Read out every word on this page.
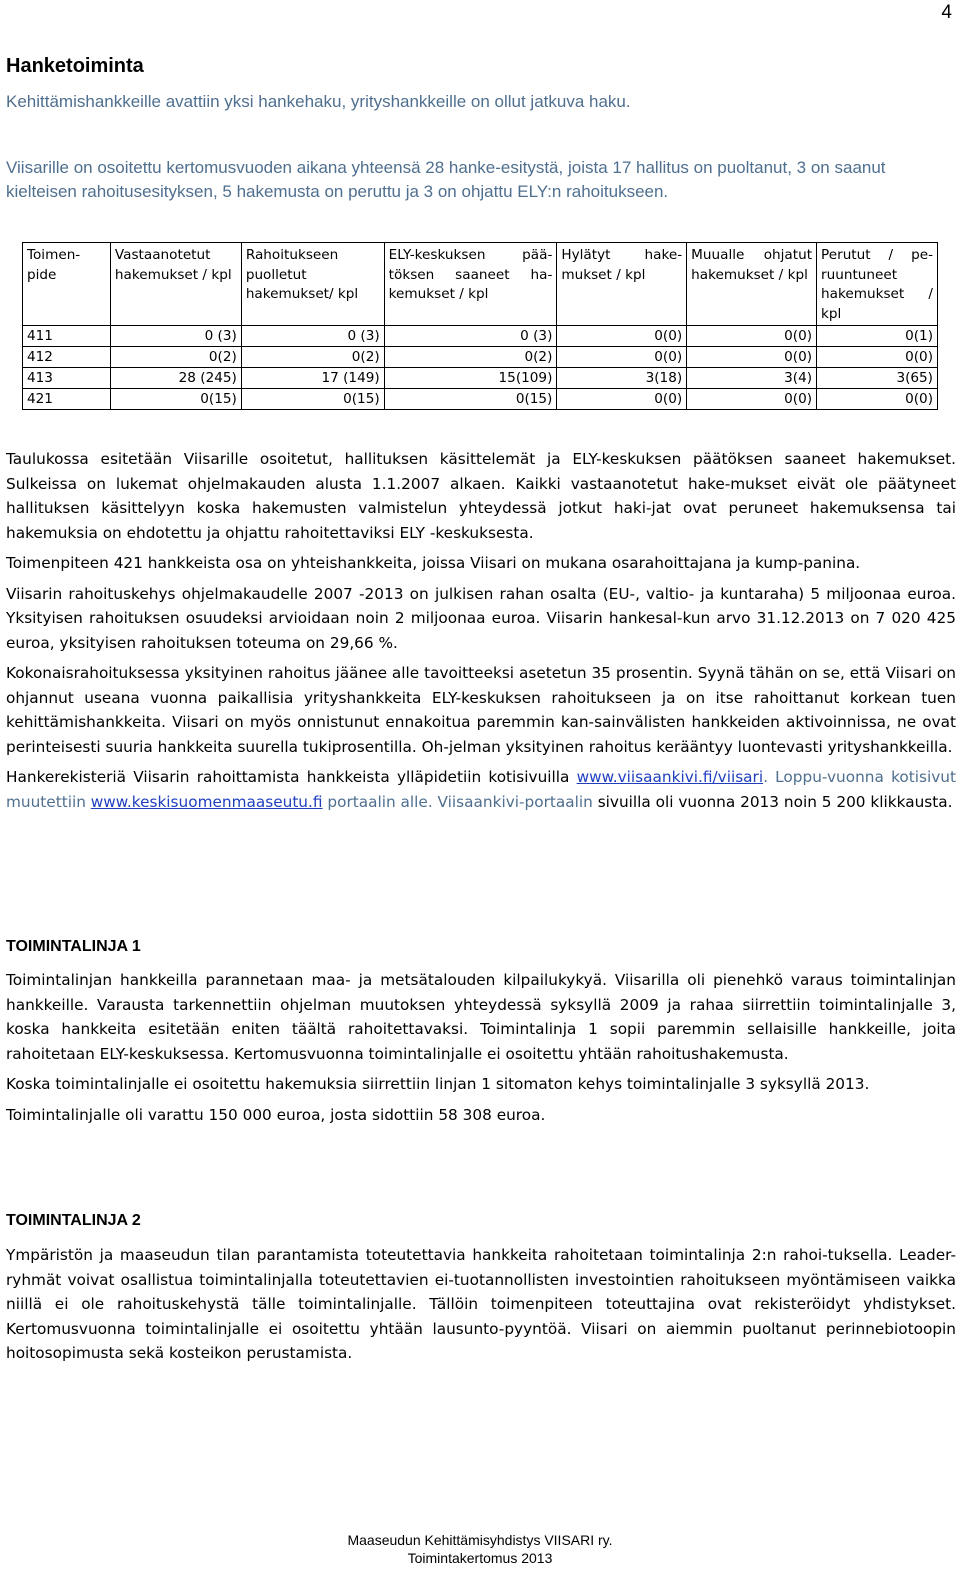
4
Hanketoiminta
Kehittämishankkeille avattiin yksi hankehaku, yrityshankkeille on ollut jatkuva haku.
Viisarille on osoitettu kertomusvuoden aikana yhteensä 28 hanke-esitystä, joista 17 hallitus on puoltanut, 3 on saanut kielteisen rahoitusesityksen, 5 hakemusta on peruttu ja 3 on ohjattu ELY:n rahoitukseen.
Toimen-pide	Vastaanotetut hakemukset / kpl	Rahoitukseen puolletut hakemukset/ kpl	ELY-keskuksen pää-töksen saaneet ha-kemukset / kpl	Hylätyt hake-mukset / kpl	Muualle ohjatut hakemukset / kpl	Perutut / pe-ruuntuneet hakemukset / kpl
411	0 (3)	0 (3)	0 (3)	0(0)	0(0)	0(1)
412	0(2)	0(2)	0(2)	0(0)	0(0)	0(0)
413	28 (245)	17 (149)	15(109)	3(18)	3(4)	3(65)
421	0(15)	0(15)	0(15)	0(0)	0(0)	0(0)

Taulukossa esitetään Viisarille osoitetut, hallituksen käsittelemät ja ELY-keskuksen päätöksen saaneet hakemukset. Sulkeissa on lukemat ohjelmakauden alusta 1.1.2007 alkaen. Kaikki vastaanotetut hake-mukset eivät ole päätyneet hallituksen käsittelyyn koska hakemusten valmistelun yhteydessä jotkut haki-jat ovat peruneet hakemuksensa tai hakemuksia on ehdotettu ja ohjattu rahoitettaviksi ELY -keskuksesta.

Toimenpiteen 421 hankkeista osa on yhteishankkeita, joissa Viisari on mukana osarahoittajana ja kump-panina.

Viisarin rahoituskehys ohjelmakaudelle 2007 -2013 on julkisen rahan osalta (EU-, valtio- ja kuntaraha) 5 miljoonaa euroa. Yksityisen rahoituksen osuudeksi arvioidaan noin 2 miljoonaa euroa. Viisarin hankesal-kun arvo 31.12.2013 on 7 020 425 euroa, yksityisen rahoituksen toteuma on 29,66 %.

Kokonaisrahoituksessa yksityinen rahoitus jäänee alle tavoitteeksi asetetun 35 prosentin. Syynä tähän on se, että Viisari on ohjannut useana vuonna paikallisia yrityshankkeita ELY-keskuksen rahoitukseen ja on itse rahoittanut korkean tuen kehittämishankkeita. Viisari on myös onnistunut ennakoitua paremmin kan-sainvälisten hankkeiden aktivoinnissa, ne ovat perinteisesti suuria hankkeita suurella tukiprosentilla. Oh-jelman yksityinen rahoitus kerääntyy luontevasti yrityshankkeilla.

Hankerekisteriä Viisarin rahoittamista hankkeista ylläpidetiin kotisivuilla www.viisaankivi.fi/viisari. Loppu-vuonna kotisivut muutettiin www.keskisuomenmaaseutu.fi portaalin alle. Viisaankivi-portaalin sivuilla oli vuonna 2013 noin 5 200 klikkausta.

TOIMINTALINJA 1

Toimintalinjan hankkeilla parannetaan maa- ja metsätalouden kilpailukykyä. Viisarilla oli pienehkö varaus toimintalinjan hankkeille. Varausta tarkennettiin ohjelman muutoksen yhteydessä syksyllä 2009 ja rahaa siirrettiin toimintalinjalle 3, koska hankkeita esitetään eniten täältä rahoitettavaksi. Toimintalinja 1 sopii paremmin sellaisille hankkeille, joita rahoitetaan ELY-keskuksessa. Kertomusvuonna toimintalinjalle ei osoitettu yhtään rahoitushakemusta.

Koska toimintalinjalle ei osoitettu hakemuksia siirrettiin linjan 1 sitomaton kehys toimintalinjalle 3 syksyllä 2013.

Toimintalinjalle oli varattu 150 000 euroa, josta sidottiin 58 308 euroa.

TOIMINTALINJA 2

Ympäristön ja maaseudun tilan parantamista toteutettavia hankkeita rahoitetaan toimintalinja 2:n rahoi-tuksella. Leader-ryhmät voivat osallistua toimintalinjalla toteutettavien ei-tuotannollisten investointien rahoitukseen myöntämiseen vaikka niillä ei ole rahoituskehystä tälle toimintalinjalle. Tällöin toimenpiteen toteuttajina ovat rekisteröidyt yhdistykset. Kertomusvuonna toimintalinjalle ei osoitettu yhtään lausunto-pyyntöä. Viisari on aiemmin puoltanut perinnebiotoopin hoitosopimusta sekä kosteikon perustamista.

Maaseudun Kehittämisyhdistys VIISARI ry.
Toimintakertomus 2013
